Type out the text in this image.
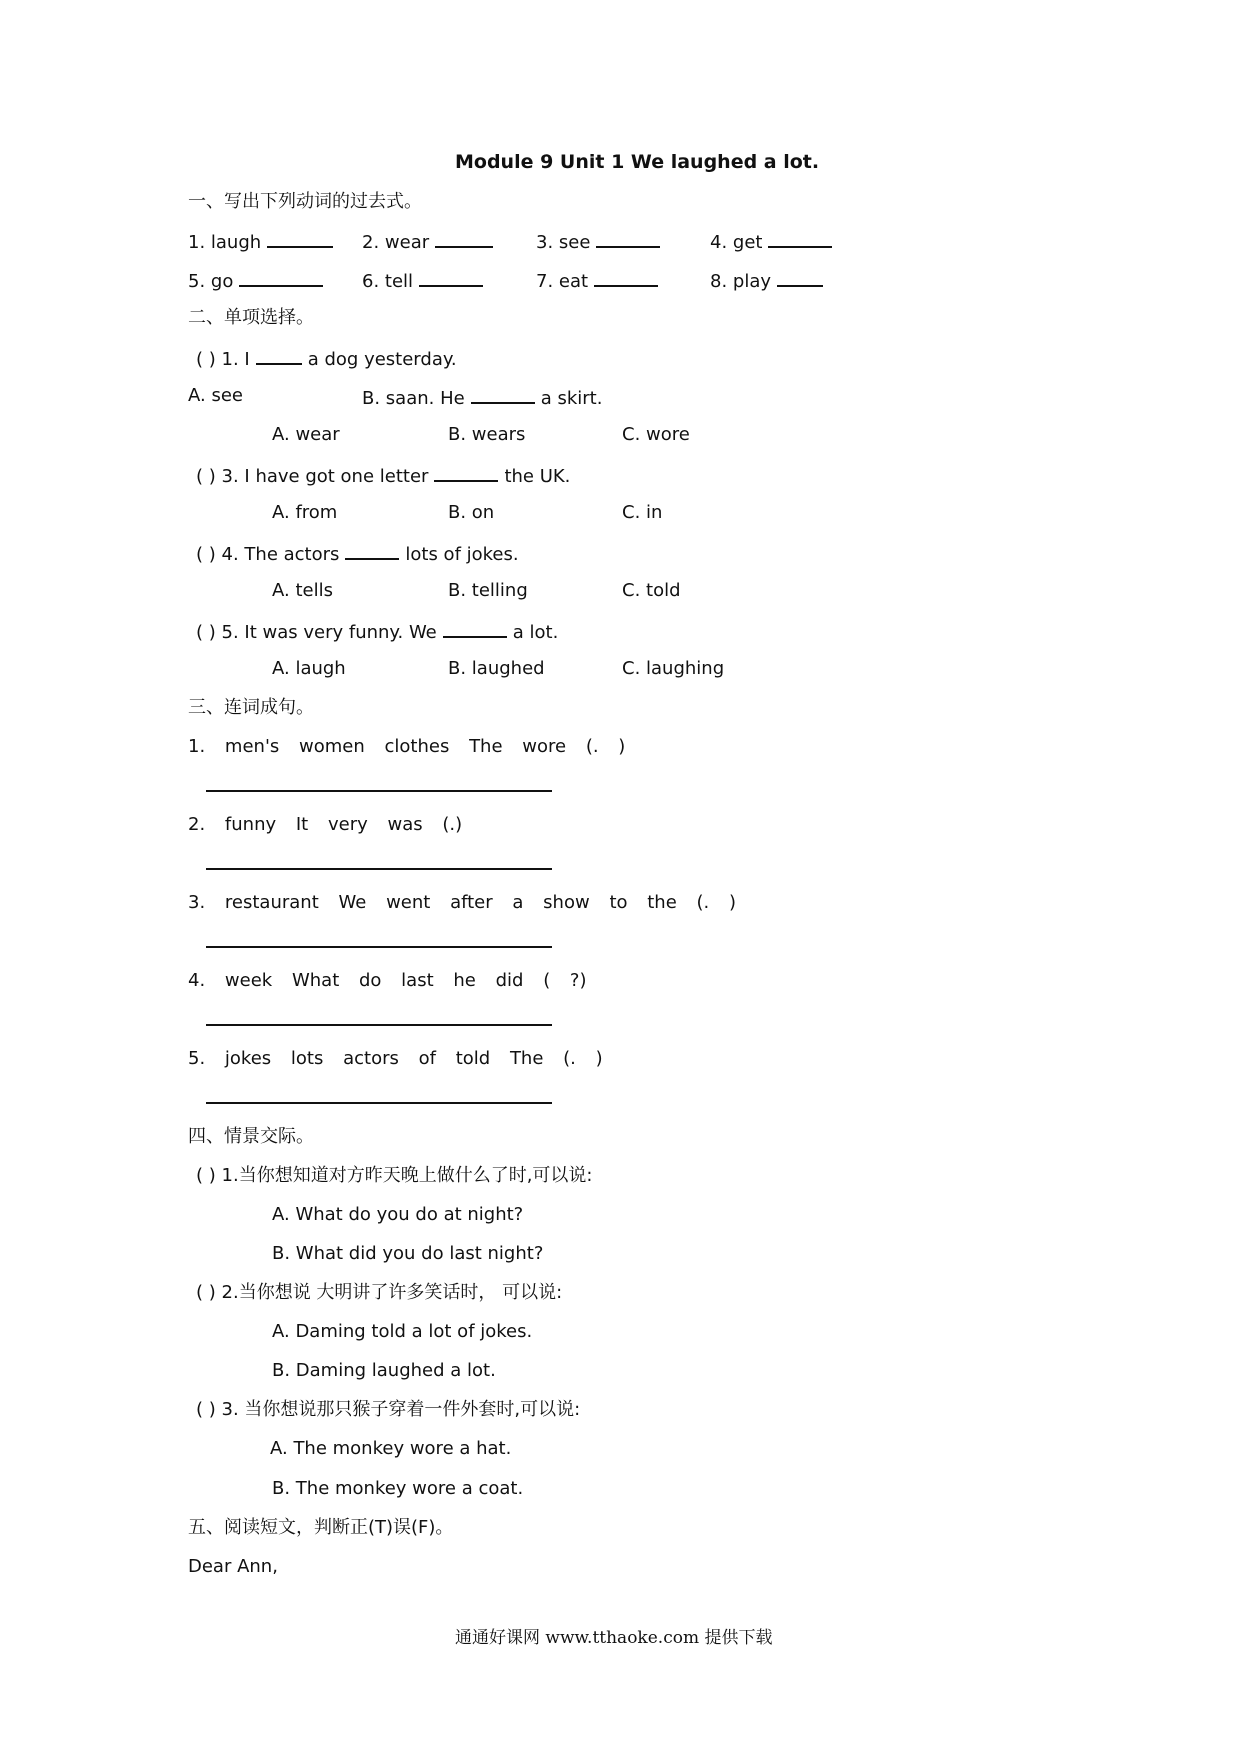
Module 9 Unit 1 We laughed a lot.
一、写出下列动词的过去式。
1. laugh	2. wear	3. see	4. get
5. go	6. tell	7. eat	8. play
二、单项选择。
( ) 1. I	a dog yesterday.
A. see	B. saan. He	a skirt.
A. wear	B. wears	C. wore
( ) 3. I have got one letter	the UK.
A. from	B. on	C. in
( ) 4. The actors	lots of jokes.
A. tells	B. telling	C. told
( ) 5. It was very funny. We	a lot.
A. laugh	B. laughed	C. laughing
三、连词成句。
1. men's women clothes The wore (. )
2. funny It very was (.)
3. restaurant We went after a show to the (. )
4. week What do last he did ( ?)
5. jokes lots actors of told The (. )
四、情景交际。
( ) 1.当你想知道对方昨天晚上做什么了时,可以说:
A. What do you do at night?
B. What did you do last night?
( ) 2.当你想说 大明讲了许多笑话时， 可以说:
A. Daming told a lot of jokes.
B. Daming laughed a lot.
( ) 3. 当你想说那只猴子穿着一件外套时,可以说:
A. The monkey wore a hat.
B. The monkey wore a coat.
五、阅读短文，判断正(T)误(F)。
Dear Ann,
通通好课网 www.tthaoke.com 提供下载
